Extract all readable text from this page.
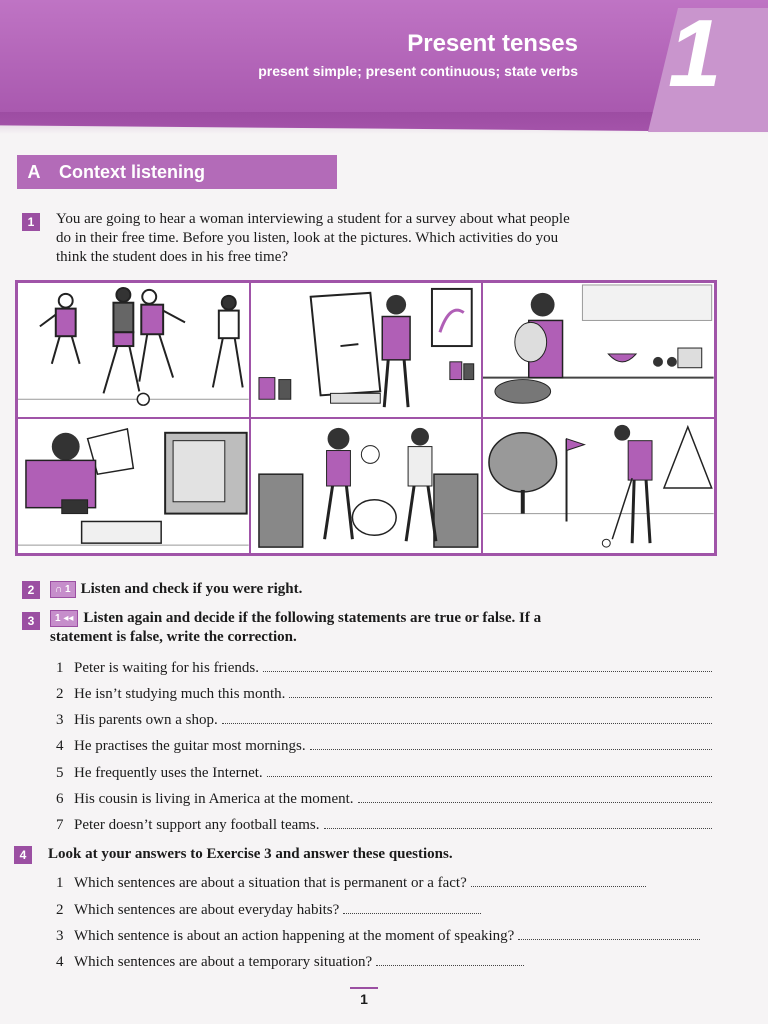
1
Present tenses
present simple; present continuous; state verbs
A	Context listening
1	You are going to hear a woman interviewing a student for a survey about what people
do in their free time. Before you listen, look at the pictures. Which activities do you
think the student does in his free time?
2	∩ 1 Listen and check if you were right.
3	1 ◂◂ Listen again and decide if the following statements are true or false. If a
statement is false, write the correction.
1 Peter is waiting for his friends.
2 He isn’t studying much this month.
3 His parents own a shop.
4 He practises the guitar most mornings.
5 He frequently uses the Internet.
6 His cousin is living in America at the moment.
7 Peter doesn’t support any football teams.
4	Look at your answers to Exercise 3 and answer these questions.
1 Which sentences are about a situation that is permanent or a fact?
2 Which sentences are about everyday habits?
3 Which sentence is about an action happening at the moment of speaking?
4 Which sentences are about a temporary situation?
1
